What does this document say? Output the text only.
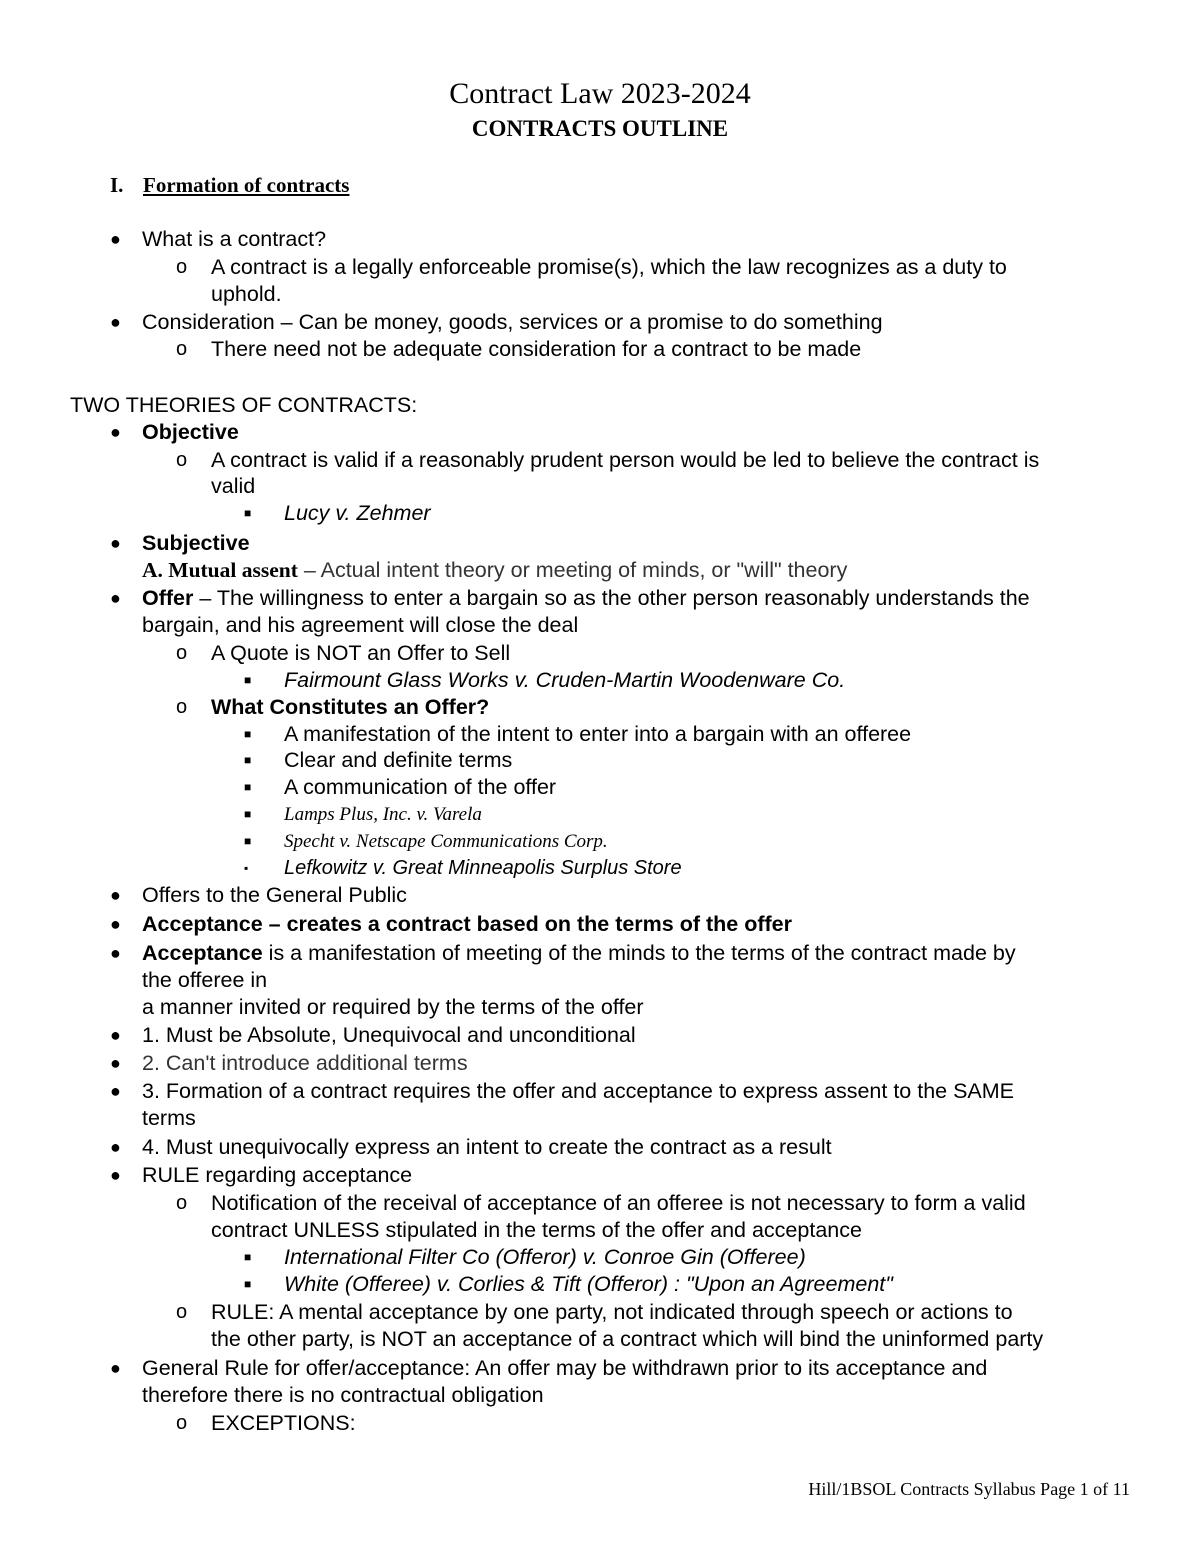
Contract Law 2023-2024
CONTRACTS OUTLINE
I. Formation of contracts
● What is a contract?
o A contract is a legally enforceable promise(s), which the law recognizes as a duty to
uphold.
● Consideration – Can be money, goods, services or a promise to do something
o There need not be adequate consideration for a contract to be made
TWO THEORIES OF CONTRACTS:
● Objective
o A contract is valid if a reasonably prudent person would be led to believe the contract is
valid
■ Lucy v. Zehmer
● Subjective
A. Mutual assent – Actual intent theory or meeting of minds, or "will" theory
● Offer – The willingness to enter a bargain so as the other person reasonably understands the
bargain, and his agreement will close the deal
o A Quote is NOT an Offer to Sell
■ Fairmount Glass Works v. Cruden-Martin Woodenware Co.
o What Constitutes an Offer?
■ A manifestation of the intent to enter into a bargain with an offeree
■ Clear and definite terms
■ A communication of the offer
■ Lamps Plus, Inc. v. Varela
■ Specht v. Netscape Communications Corp.
▪ Lefkowitz v. Great Minneapolis Surplus Store
● Offers to the General Public
● Acceptance – creates a contract based on the terms of the offer
● Acceptance is a manifestation of meeting of the minds to the terms of the contract made by
the offeree in
a manner invited or required by the terms of the offer
● 1. Must be Absolute, Unequivocal and unconditional
● 2. Can't introduce additional terms
● 3. Formation of a contract requires the offer and acceptance to express assent to the SAME
terms
● 4. Must unequivocally express an intent to create the contract as a result
● RULE regarding acceptance
o Notification of the receival of acceptance of an offeree is not necessary to form a valid
contract UNLESS stipulated in the terms of the offer and acceptance
■ International Filter Co (Offeror) v. Conroe Gin (Offeree)
■ White (Offeree) v. Corlies & Tift (Offeror) : "Upon an Agreement"
o RULE: A mental acceptance by one party, not indicated through speech or actions to
the other party, is NOT an acceptance of a contract which will bind the uninformed party
● General Rule for offer/acceptance: An offer may be withdrawn prior to its acceptance and
therefore there is no contractual obligation
o EXCEPTIONS:
Hill/1BSOL Contracts Syllabus Page 1 of 11
